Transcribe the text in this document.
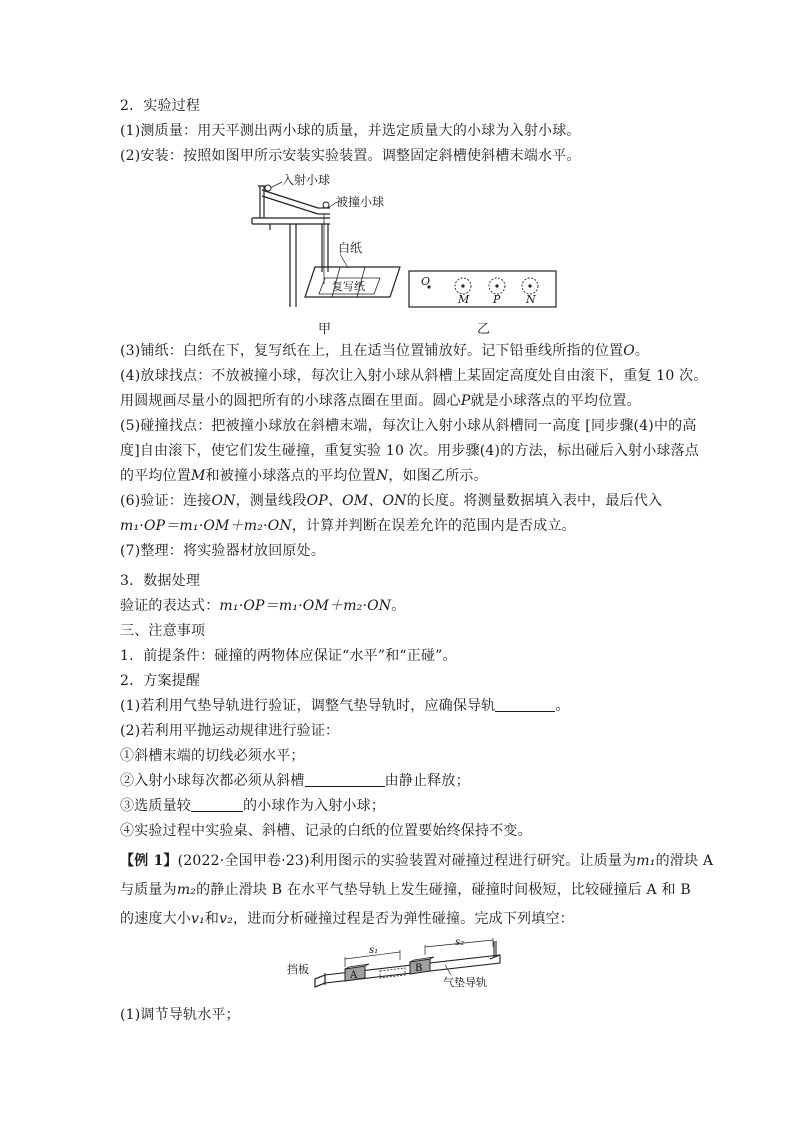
2．实验过程
(1)测质量：用天平测出两小球的质量，并选定质量大的小球为入射小球。
(2)安装：按照如图甲所示安装实验装置。调整固定斜槽使斜槽末端水平。
入射小球
被撞小球
白纸
复写纸
甲
O
M P N
乙
(3)铺纸：白纸在下，复写纸在上，且在适当位置铺放好。记下铅垂线所指的位置O。
(4)放球找点：不放被撞小球，每次让入射小球从斜槽上某固定高度处自由滚下，重复 10 次。
用圆规画尽量小的圆把所有的小球落点圈在里面。圆心P就是小球落点的平均位置。
(5)碰撞找点：把被撞小球放在斜槽末端，每次让入射小球从斜槽同一高度 [同步骤(4)中的高
度]自由滚下，使它们发生碰撞，重复实验 10 次。用步骤(4)的方法，标出碰后入射小球落点
的平均位置M和被撞小球落点的平均位置N，如图乙所示。
(6)验证：连接ON，测量线段OP、OM、ON的长度。将测量数据填入表中，最后代入
m₁·OP＝m₁·OM＋m₂·ON，计算并判断在误差允许的范围内是否成立。
(7)整理：将实验器材放回原处。
3．数据处理
验证的表达式：m₁·OP＝m₁·OM＋m₂·ON。
三、注意事项
1．前提条件：碰撞的两物体应保证“水平”和“正碰”。
2．方案提醒
(1)若利用气垫导轨进行验证，调整气垫导轨时，应确保导轨	。
(2)若利用平抛运动规律进行验证：
①斜槽末端的切线必须水平；
②入射小球每次都必须从斜槽	由静止释放；
③选质量较	的小球作为入射小球；
④实验过程中实验桌、斜槽、记录的白纸的位置要始终保持不变。
【例 1】(2022·全国甲卷·23)利用图示的实验装置对碰撞过程进行研究。让质量为m₁的滑块 A
与质量为m₂的静止滑块 B 在水平气垫导轨上发生碰撞，碰撞时间极短，比较碰撞后 A 和 B
的速度大小v₁和v₂，进而分析碰撞过程是否为弹性碰撞。完成下列填空：
A
B
s₁
s₂
挡板
气垫导轨
(1)调节导轨水平；
